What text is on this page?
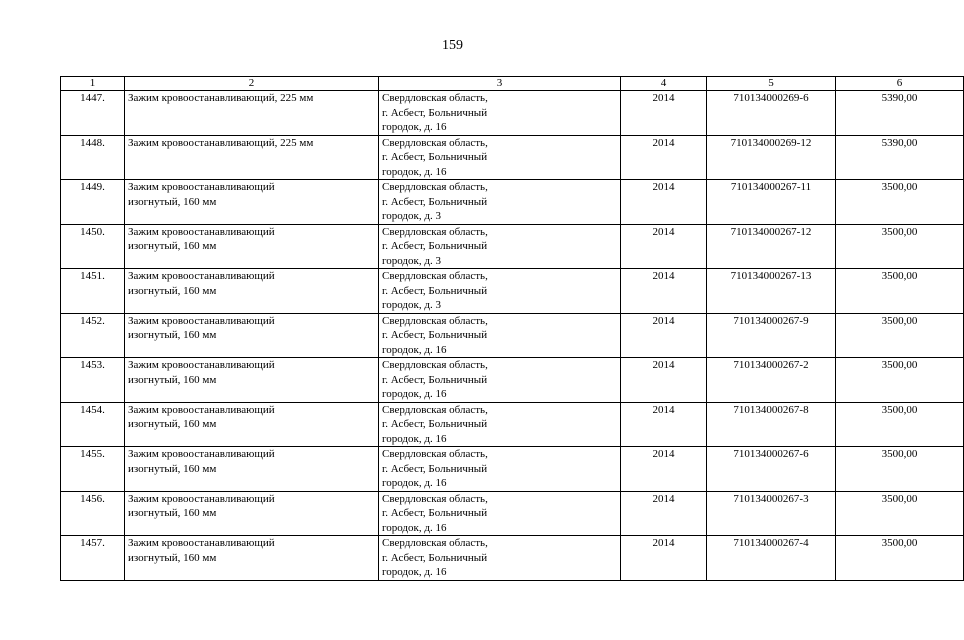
159
1	2	3	4	5	6

1447.	Зажим кровоостанавливающий, 225 мм	Свердловская область,
г. Асбест, Больничный
городок, д. 16	2014	710134000269-6	5390,00

1448.	Зажим кровоостанавливающий, 225 мм	Свердловская область,
г. Асбест, Больничный
городок, д. 16	2014	710134000269-12	5390,00

1449.	Зажим кровоостанавливающий
изогнутый, 160 мм	Свердловская область,
г. Асбест, Больничный
городок, д. 3	2014	710134000267-11	3500,00

1450.	Зажим кровоостанавливающий
изогнутый, 160 мм	Свердловская область,
г. Асбест, Больничный
городок, д. 3	2014	710134000267-12	3500,00

1451.	Зажим кровоостанавливающий
изогнутый, 160 мм	Свердловская область,
г. Асбест, Больничный
городок, д. 3	2014	710134000267-13	3500,00

1452.	Зажим кровоостанавливающий
изогнутый, 160 мм	Свердловская область,
г. Асбест, Больничный
городок, д. 16	2014	710134000267-9	3500,00

1453.	Зажим кровоостанавливающий
изогнутый, 160 мм	Свердловская область,
г. Асбест, Больничный
городок, д. 16	2014	710134000267-2	3500,00

1454.	Зажим кровоостанавливающий
изогнутый, 160 мм	Свердловская область,
г. Асбест, Больничный
городок, д. 16	2014	710134000267-8	3500,00

1455.	Зажим кровоостанавливающий
изогнутый, 160 мм	Свердловская область,
г. Асбест, Больничный
городок, д. 16	2014	710134000267-6	3500,00

1456.	Зажим кровоостанавливающий
изогнутый, 160 мм	Свердловская область,
г. Асбест, Больничный
городок, д. 16	2014	710134000267-3	3500,00

1457.	Зажим кровоостанавливающий
изогнутый, 160 мм	Свердловская область,
г. Асбест, Больничный
городок, д. 16	2014	710134000267-4	3500,00
